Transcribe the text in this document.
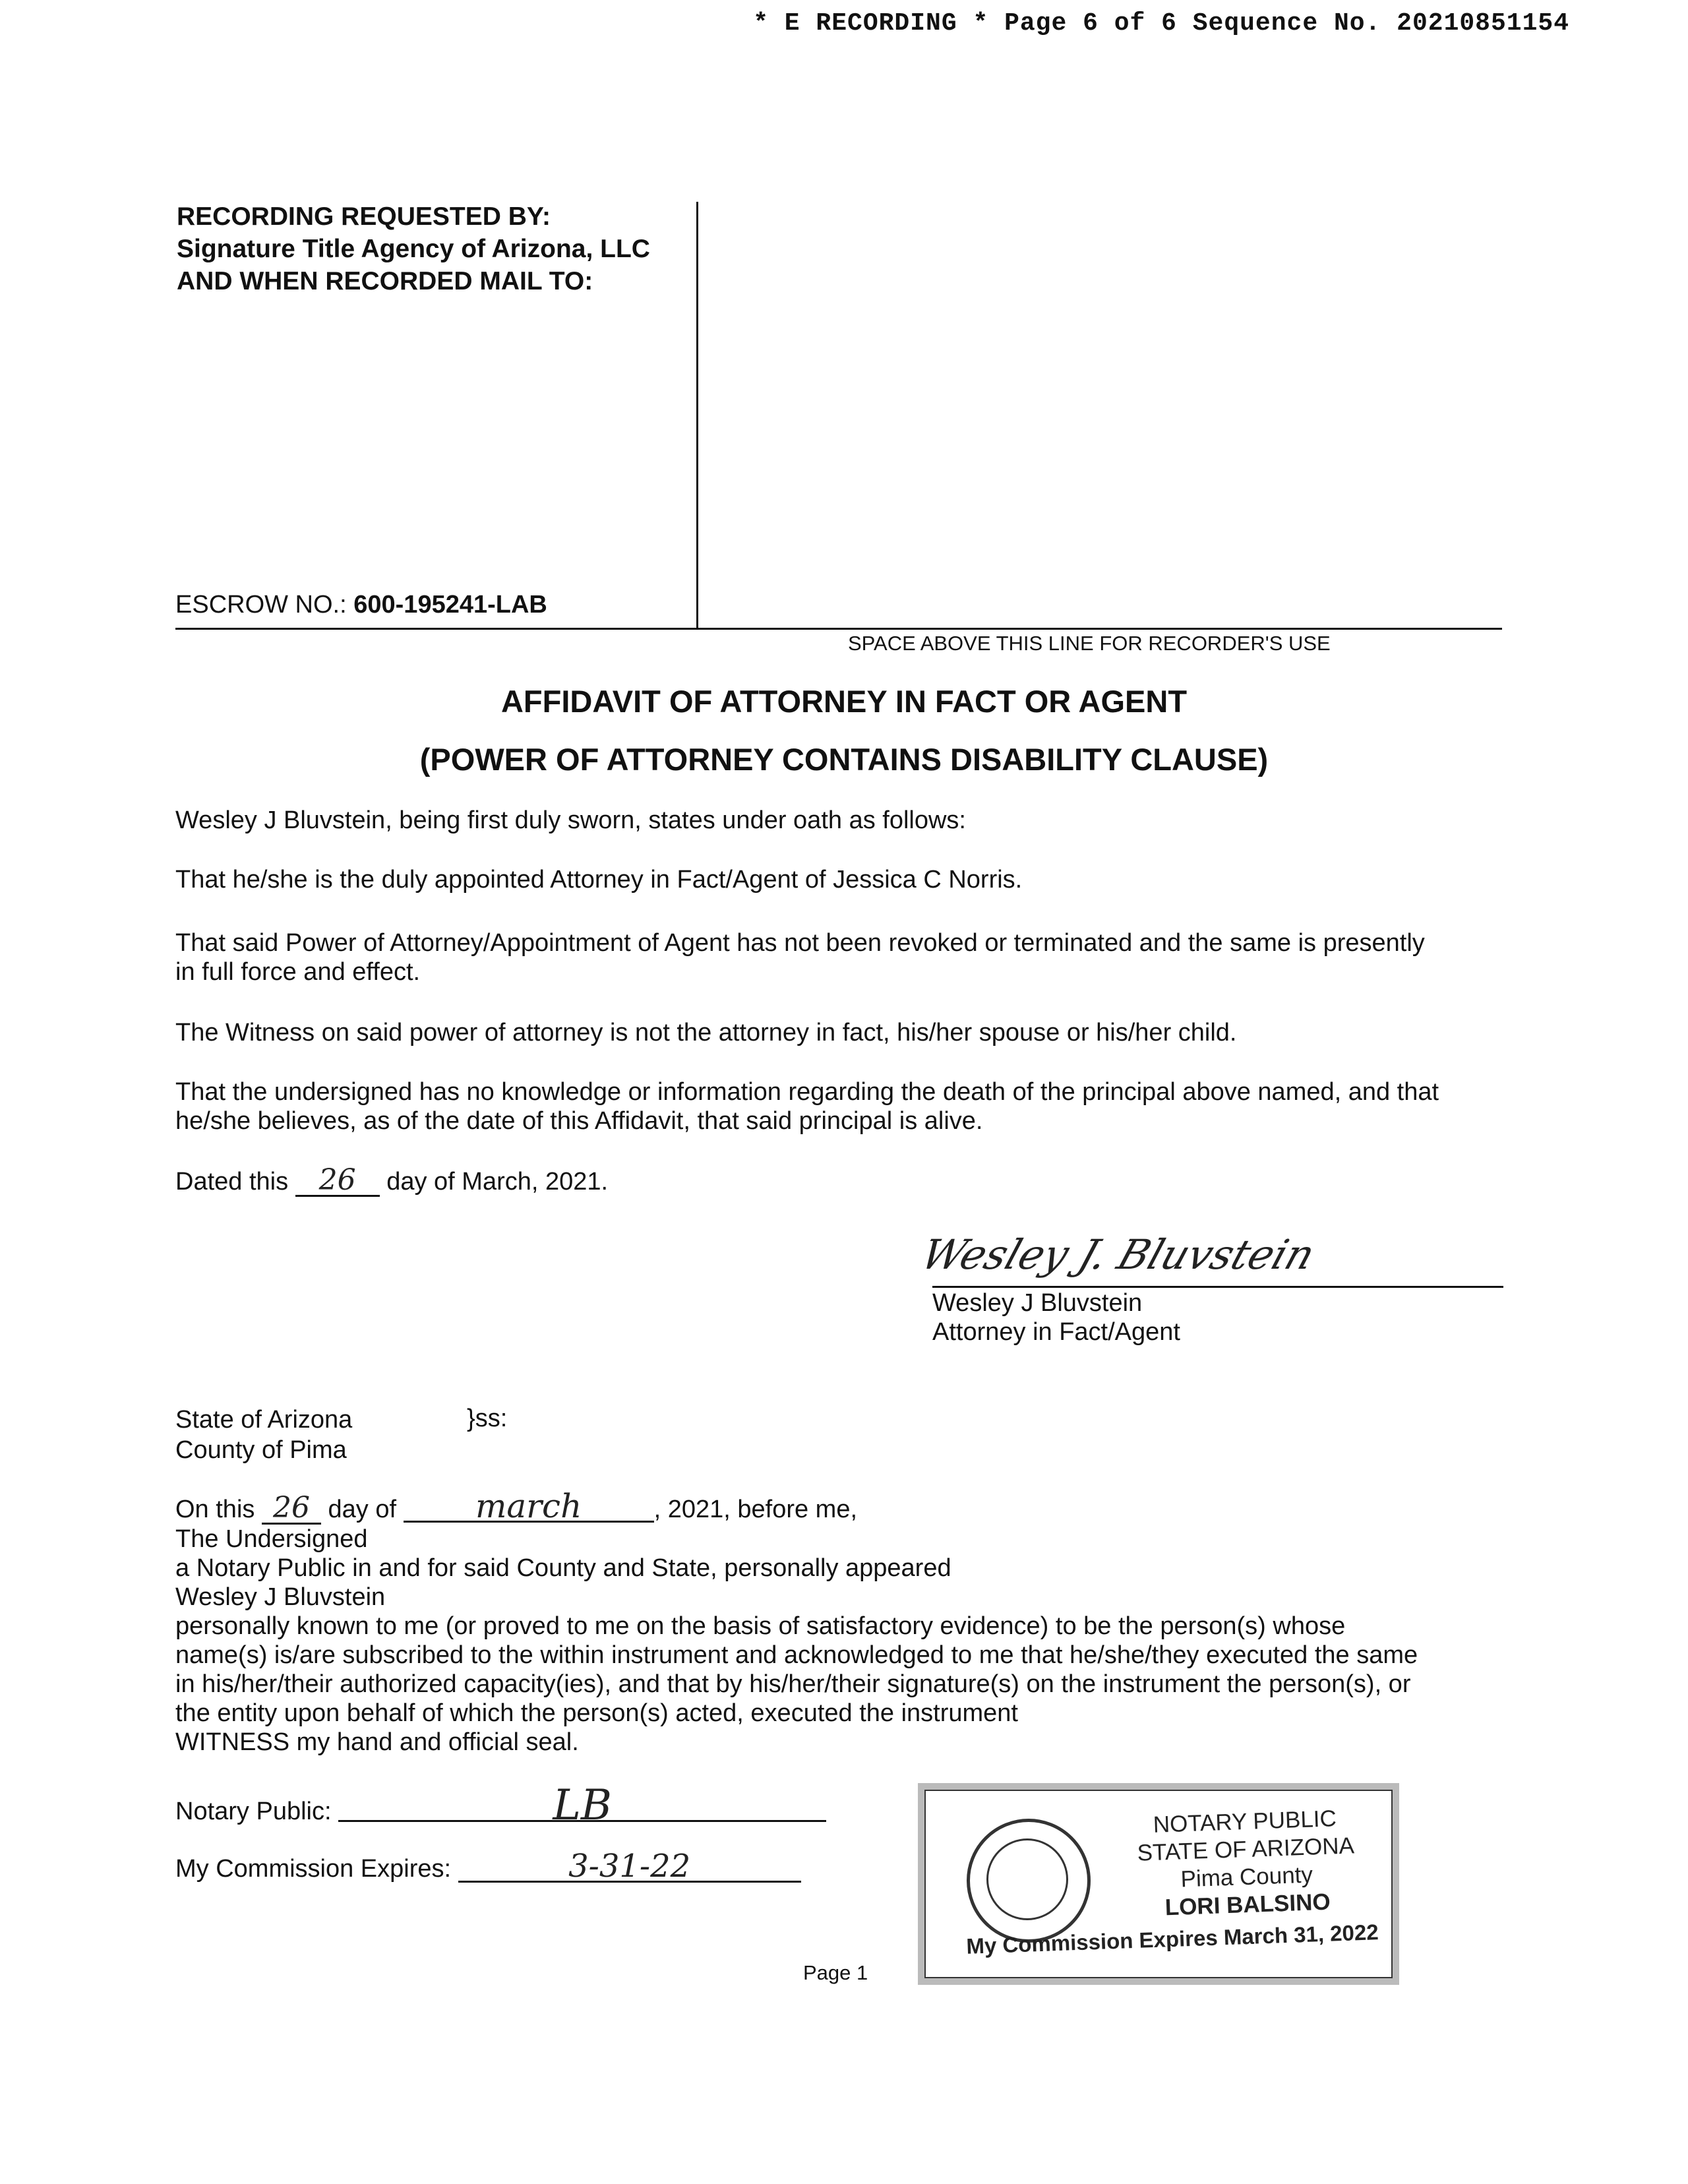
* E RECORDING * Page 6 of 6 Sequence No. 20210851154
RECORDING REQUESTED BY:
Signature Title Agency of Arizona, LLC
AND WHEN RECORDED MAIL TO:
ESCROW NO.: 600-195241-LAB
SPACE ABOVE THIS LINE FOR RECORDER'S USE
AFFIDAVIT OF ATTORNEY IN FACT OR AGENT
(POWER OF ATTORNEY CONTAINS DISABILITY CLAUSE)
Wesley J Bluvstein, being first duly sworn, states under oath as follows:
That he/she is the duly appointed Attorney in Fact/Agent of Jessica C Norris.
That said Power of Attorney/Appointment of Agent has not been revoked or terminated and the same is presently
in full force and effect.
The Witness on said power of attorney is not the attorney in fact, his/her spouse or his/her child.
That the undersigned has no knowledge or information regarding the death of the principal above named, and that
he/she believes, as of the date of this Affidavit, that said principal is alive.
Dated this 26 day of March, 2021.
Wesley J. Bluvstein
Wesley J Bluvstein
Attorney in Fact/Agent
State of Arizona
County of Pima
}ss:
On this 26 day of march	, 2021, before me,
The Undersigned
a Notary Public in and for said County and State, personally appeared
Wesley J Bluvstein
personally known to me (or proved to me on the basis of satisfactory evidence) to be the person(s) whose
name(s) is/are subscribed to the within instrument and acknowledged to me that he/she/they executed the same
in his/her/their authorized capacity(ies), and that by his/her/their signature(s) on the instrument the person(s), or
the entity upon behalf of which the person(s) acted, executed the instrument
WITNESS my hand and official seal.
Notary Public:	LB
My Commission Expires:	3-31-22
NOTARY PUBLIC
STATE OF ARIZONA
Pima County
LORI BALSINO
My Commission Expires March 31, 2022
Page 1
